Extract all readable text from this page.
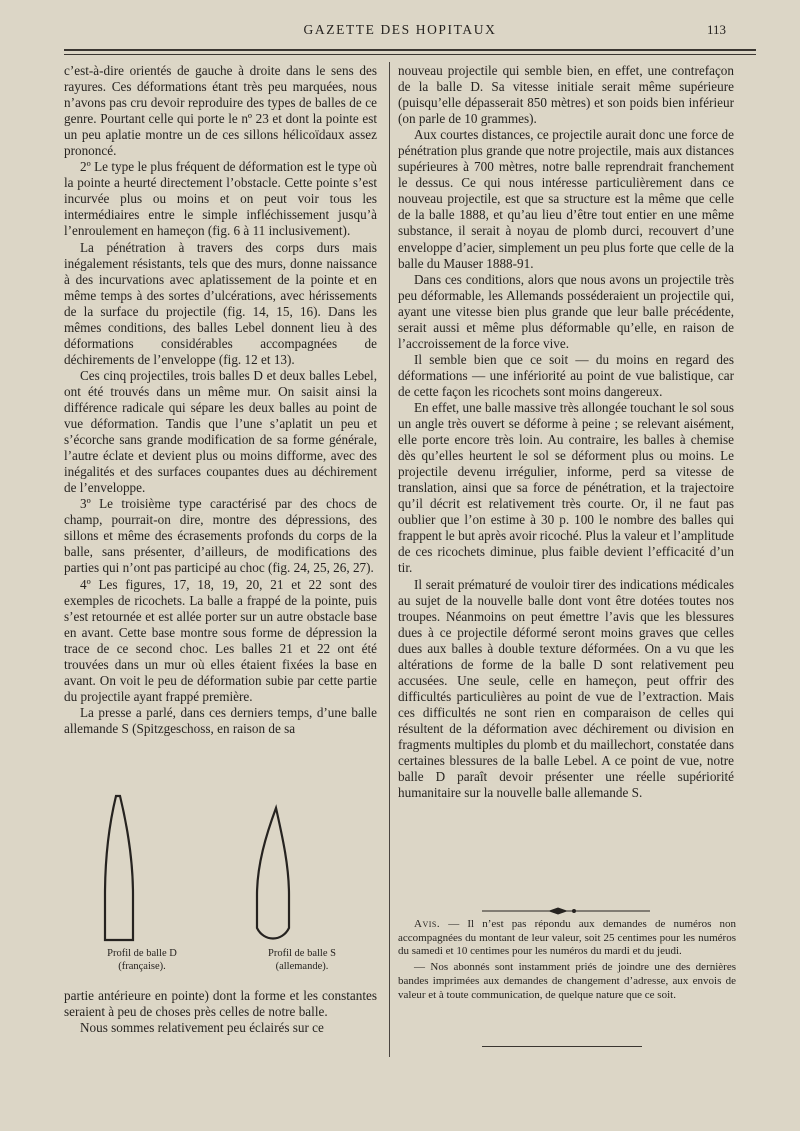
GAZETTE DES HOPITAUX	113

c’est-à-dire orientés de gauche à droite dans le sens des rayures. Ces déformations étant très peu marquées, nous n’avons pas cru devoir reproduire des types de balles de ce genre. Pourtant celle qui porte le nº 23 et dont la pointe est un peu aplatie montre un de ces sillons hélicoïdaux assez prononcé.

2º Le type le plus fréquent de déformation est le type où la pointe a heurté directement l’obstacle. Cette pointe s’est incurvée plus ou moins et on peut voir tous les intermédiaires entre le simple infléchissement jusqu’à l’enroulement en hameçon (fig. 6 à 11 inclusivement).

La pénétration à travers des corps durs mais inégalement résistants, tels que des murs, donne naissance à des incurvations avec aplatissement de la pointe et en même temps à des sortes d’ulcérations, avec hérissements de la surface du projectile (fig. 14, 15, 16). Dans les mêmes conditions, des balles Lebel donnent lieu à des déformations considérables accompagnées de déchirements de l’enveloppe (fig. 12 et 13).

Ces cinq projectiles, trois balles D et deux balles Lebel, ont été trouvés dans un même mur. On saisit ainsi la différence radicale qui sépare les deux balles au point de vue déformation. Tandis que l’une s’aplatit un peu et s’écorche sans grande modification de sa forme générale, l’autre éclate et devient plus ou moins difforme, avec des inégalités et des surfaces coupantes dues au déchirement de l’enveloppe.

3º Le troisième type caractérisé par des chocs de champ, pourrait-on dire, montre des dépressions, des sillons et même des écrasements profonds du corps de la balle, sans présenter, d’ailleurs, de modifications des parties qui n’ont pas participé au choc (fig. 24, 25, 26, 27).

4º Les figures, 17, 18, 19, 20, 21 et 22 sont des exemples de ricochets. La balle a frappé de la pointe, puis s’est retournée et est allée porter sur un autre obstacle base en avant. Cette base montre sous forme de dépression la trace de ce second choc. Les balles 21 et 22 ont été trouvées dans un mur où elles étaient fixées la base en avant. On voit le peu de déformation subie par cette partie du projectile ayant frappé première.

La presse a parlé, dans ces derniers temps, d’une balle allemande S (Spitzgeschoss, en raison de sa

Profil de balle D
(française).
Profil de balle S
(allemande).

partie antérieure en pointe) dont la forme et les constantes seraient à peu de choses près celles de notre balle.

Nous sommes relativement peu éclairés sur ce

nouveau projectile qui semble bien, en effet, une contrefaçon de la balle D. Sa vitesse initiale serait même supérieure (puisqu’elle dépasserait 850 mètres) et son poids bien inférieur (on parle de 10 grammes).

Aux courtes distances, ce projectile aurait donc une force de pénétration plus grande que notre projectile, mais aux distances supérieures à 700 mètres, notre balle reprendrait franchement le dessus. Ce qui nous intéresse particulièrement dans ce nouveau projectile, est que sa structure est la même que celle de la balle 1888, et qu’au lieu d’être tout entier en une même substance, il serait à noyau de plomb durci, recouvert d’une enveloppe d’acier, simplement un peu plus forte que celle de la balle du Mauser 1888-91.

Dans ces conditions, alors que nous avons un projectile très peu déformable, les Allemands posséderaient un projectile qui, ayant une vitesse bien plus grande que leur balle précédente, serait aussi et même plus déformable qu’elle, en raison de l’accroissement de la force vive.

Il semble bien que ce soit — du moins en regard des déformations — une infériorité au point de vue balistique, car de cette façon les ricochets sont moins dangereux.

En effet, une balle massive très allongée touchant le sol sous un angle très ouvert se déforme à peine ; se relevant aisément, elle porte encore très loin. Au contraire, les balles à chemise dès qu’elles heurtent le sol se déforment plus ou moins. Le projectile devenu irrégulier, informe, perd sa vitesse de translation, ainsi que sa force de pénétration, et la trajectoire qu’il décrit est relativement très courte. Or, il ne faut pas oublier que l’on estime à 30 p. 100 le nombre des balles qui frappent le but après avoir ricoché. Plus la valeur et l’amplitude de ces ricochets diminue, plus faible devient l’efficacité d’un tir.

Il serait prématuré de vouloir tirer des indications médicales au sujet de la nouvelle balle dont vont être dotées toutes nos troupes. Néanmoins on peut émettre l’avis que les blessures dues à ce projectile déformé seront moins graves que celles dues aux balles à double texture déformées. On a vu que les altérations de forme de la balle D sont relativement peu accusées. Une seule, celle en hameçon, peut offrir des difficultés particulières au point de vue de l’extraction. Mais ces difficultés ne sont rien en comparaison de celles qui résultent de la déformation avec déchirement ou division en fragments multiples du plomb et du maillechort, constatée dans certaines blessures de la balle Lebel. A ce point de vue, notre balle D paraît devoir présenter une réelle supériorité humanitaire sur la nouvelle balle allemande S.

Avis. — Il n’est pas répondu aux demandes de numéros non accompagnées du montant de leur valeur, soit 25 centimes pour les numéros du samedi et 10 centimes pour les numéros du mardi et du jeudi.

— Nos abonnés sont instamment priés de joindre une des dernières bandes imprimées aux demandes de changement d’adresse, aux envois de valeur et à toute communication, de quelque nature que ce soit.
